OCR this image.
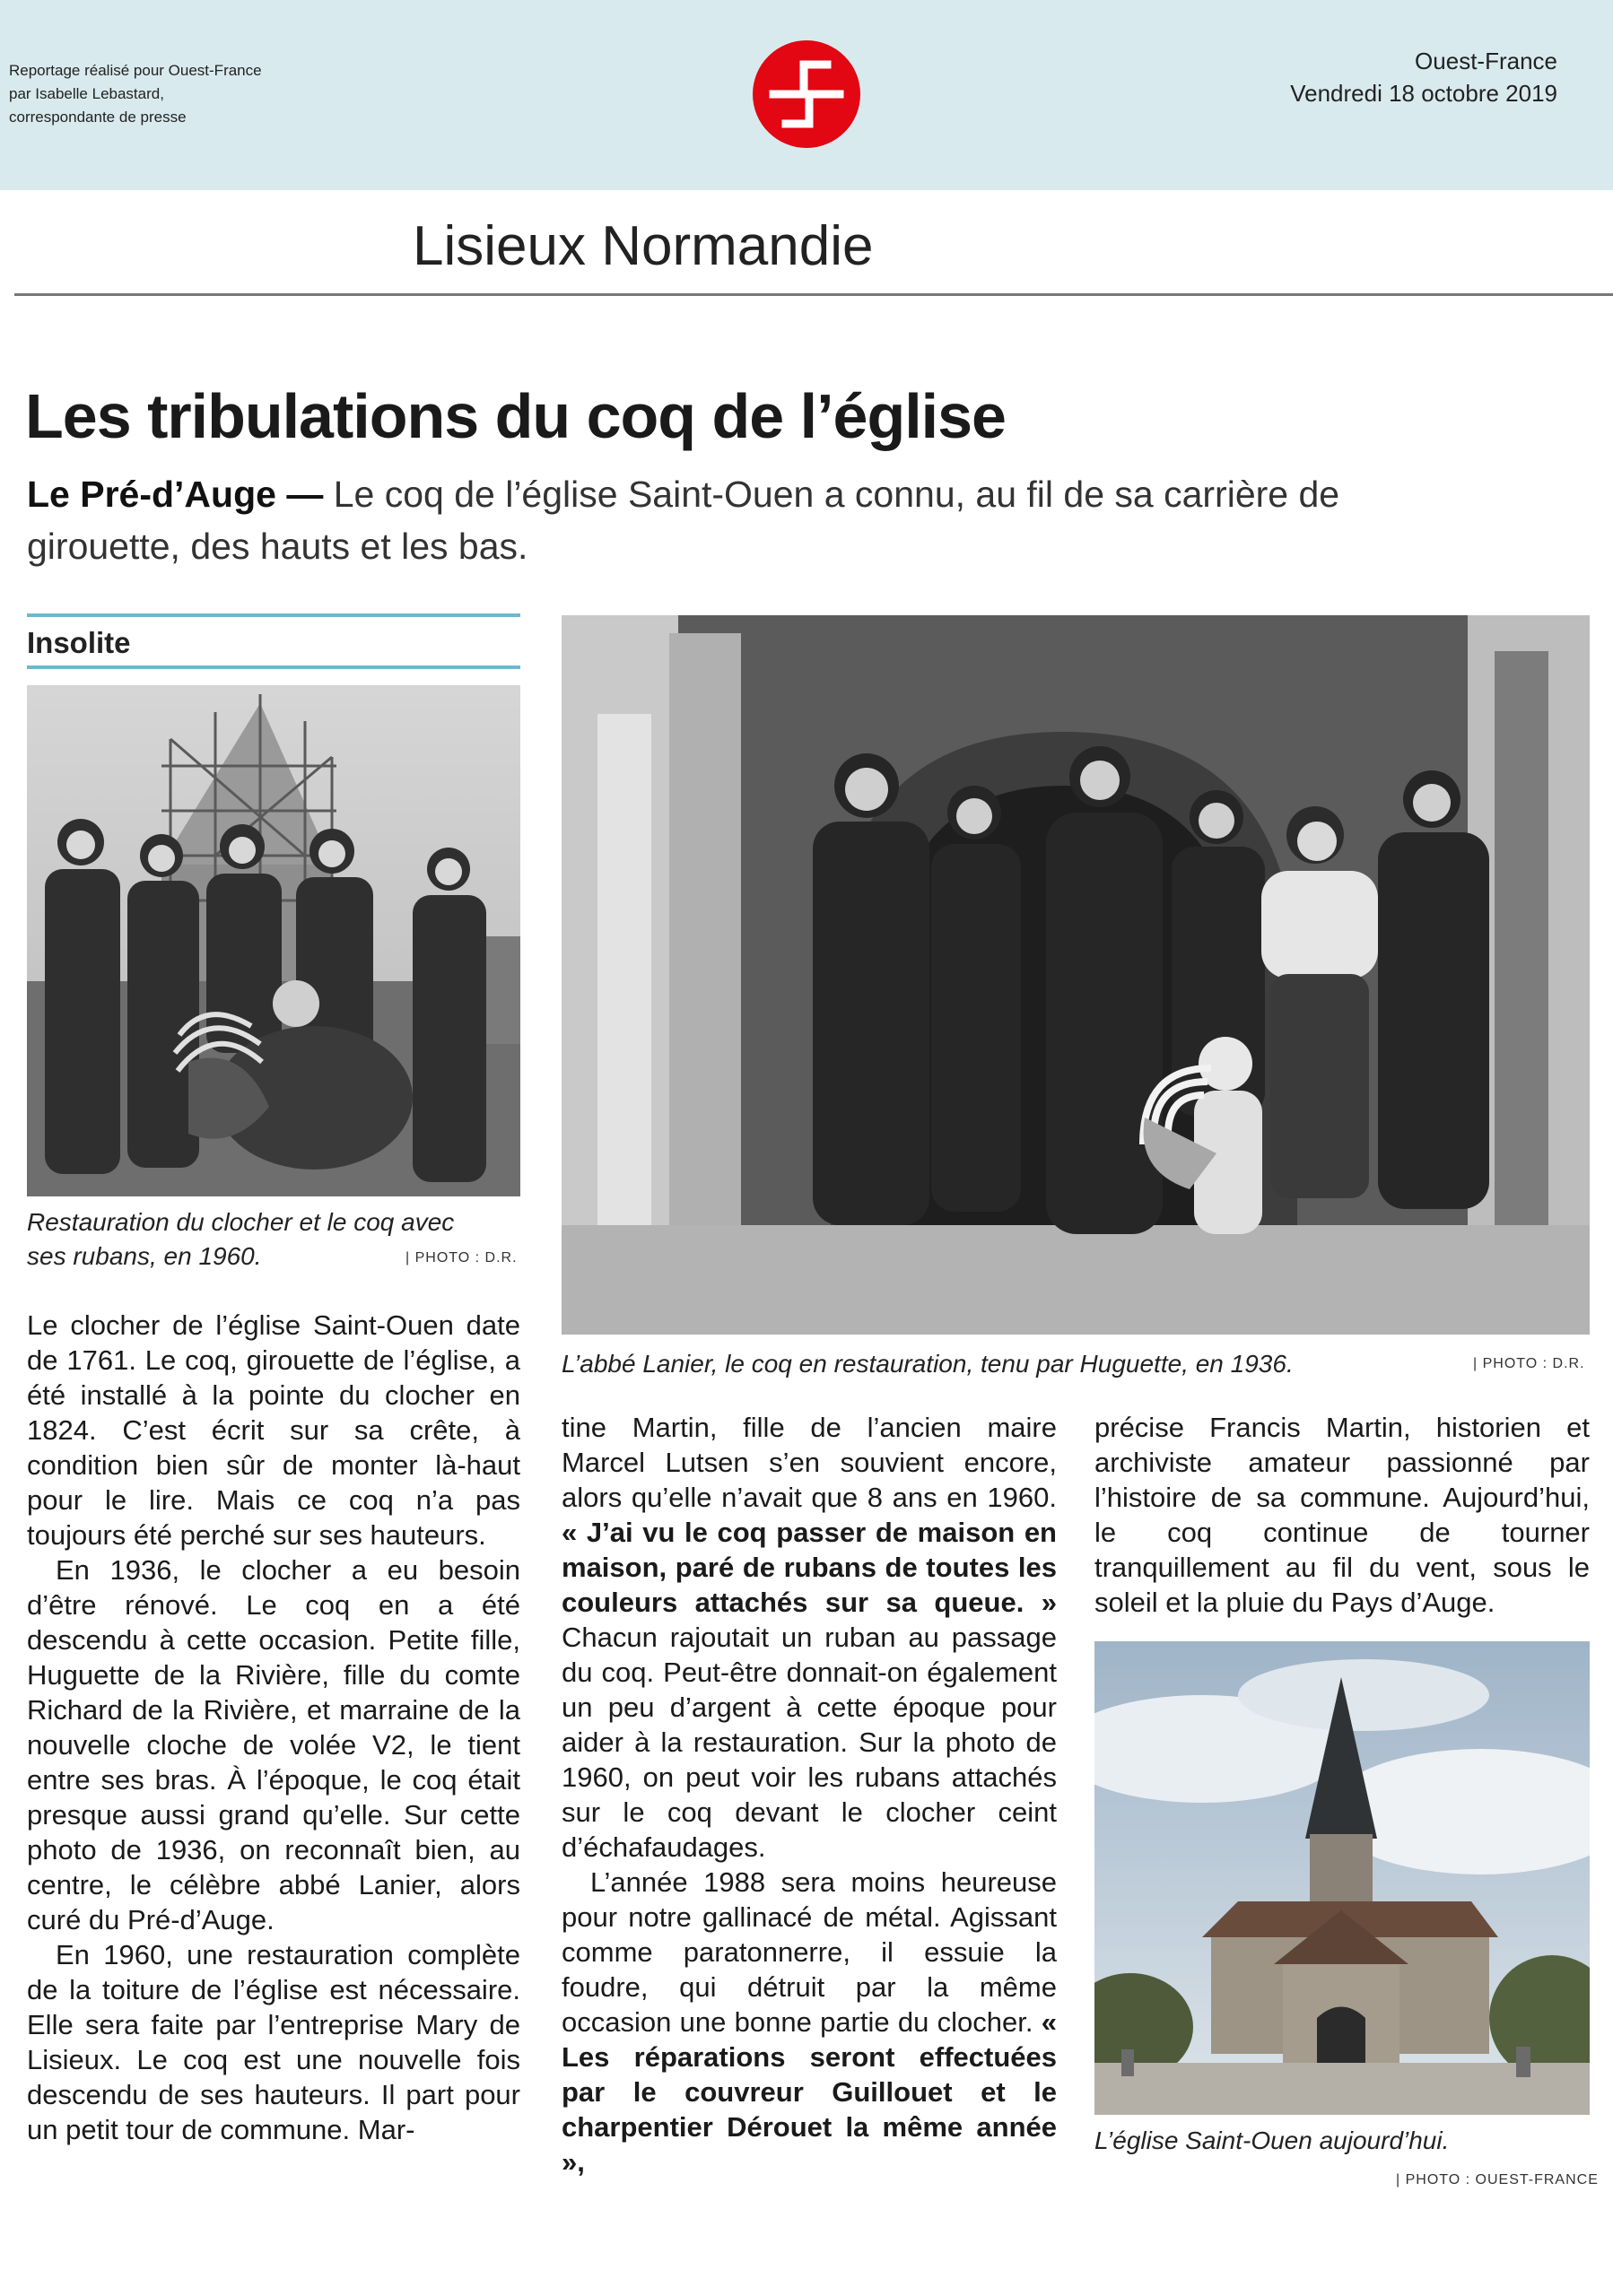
Reportage réalisé pour Ouest-France
par Isabelle Lebastard,
correspondante de presse
Ouest-France
Vendredi 18 octobre 2019
Lisieux Normandie
Les tribulations du coq de l’église
Le Pré-d’Auge — Le coq de l’église Saint-Ouen a connu, au fil de sa carrière de girouette, des hauts et les bas.
Insolite
Restauration du clocher et le coq avec ses rubans, en 1960.	| PHOTO : D.R.
L’abbé Lanier, le coq en restauration, tenu par Huguette, en 1936.	| PHOTO : D.R.
L’église Saint-Ouen aujourd’hui.
| PHOTO : OUEST-FRANCE

Le clocher de l’église Saint-Ouen date de 1761. Le coq, girouette de l’église, a été installé à la pointe du clocher en 1824. C’est écrit sur sa crête, à condition bien sûr de monter là-haut pour le lire. Mais ce coq n’a pas toujours été perché sur ses hauteurs.

En 1936, le clocher a eu besoin d’être rénové. Le coq en a été descendu à cette occasion. Petite fille, Huguette de la Rivière, fille du comte Richard de la Rivière, et marraine de la nouvelle cloche de volée V2, le tient entre ses bras. À l’époque, le coq était presque aussi grand qu’elle. Sur cette photo de 1936, on reconnaît bien, au centre, le célèbre abbé Lanier, alors curé du Pré-d’Auge.

En 1960, une restauration complète de la toiture de l’église est nécessaire. Elle sera faite par l’entreprise Mary de Lisieux. Le coq est une nouvelle fois descendu de ses hauteurs. Il part pour un petit tour de commune. Mar-

tine Martin, fille de l’ancien maire Marcel Lutsen s’en souvient encore, alors qu’elle n’avait que 8 ans en 1960. « J’ai vu le coq passer de maison en maison, paré de rubans de toutes les couleurs attachés sur sa queue. » Chacun rajoutait un ruban au passage du coq. Peut-être donnait-on également un peu d’argent à cette époque pour aider à la restauration. Sur la photo de 1960, on peut voir les rubans attachés sur le coq devant le clocher ceint d’échafaudages.

L’année 1988 sera moins heureuse pour notre gallinacé de métal. Agissant comme paratonnerre, il essuie la foudre, qui détruit par la même occasion une bonne partie du clocher. « Les réparations seront effectuées par le couvreur Guillouet et le charpentier Dérouet la même année »,

précise Francis Martin, historien et archiviste amateur passionné par l’histoire de sa commune. Aujourd’hui, le coq continue de tourner tranquillement au fil du vent, sous le soleil et la pluie du Pays d’Auge.
